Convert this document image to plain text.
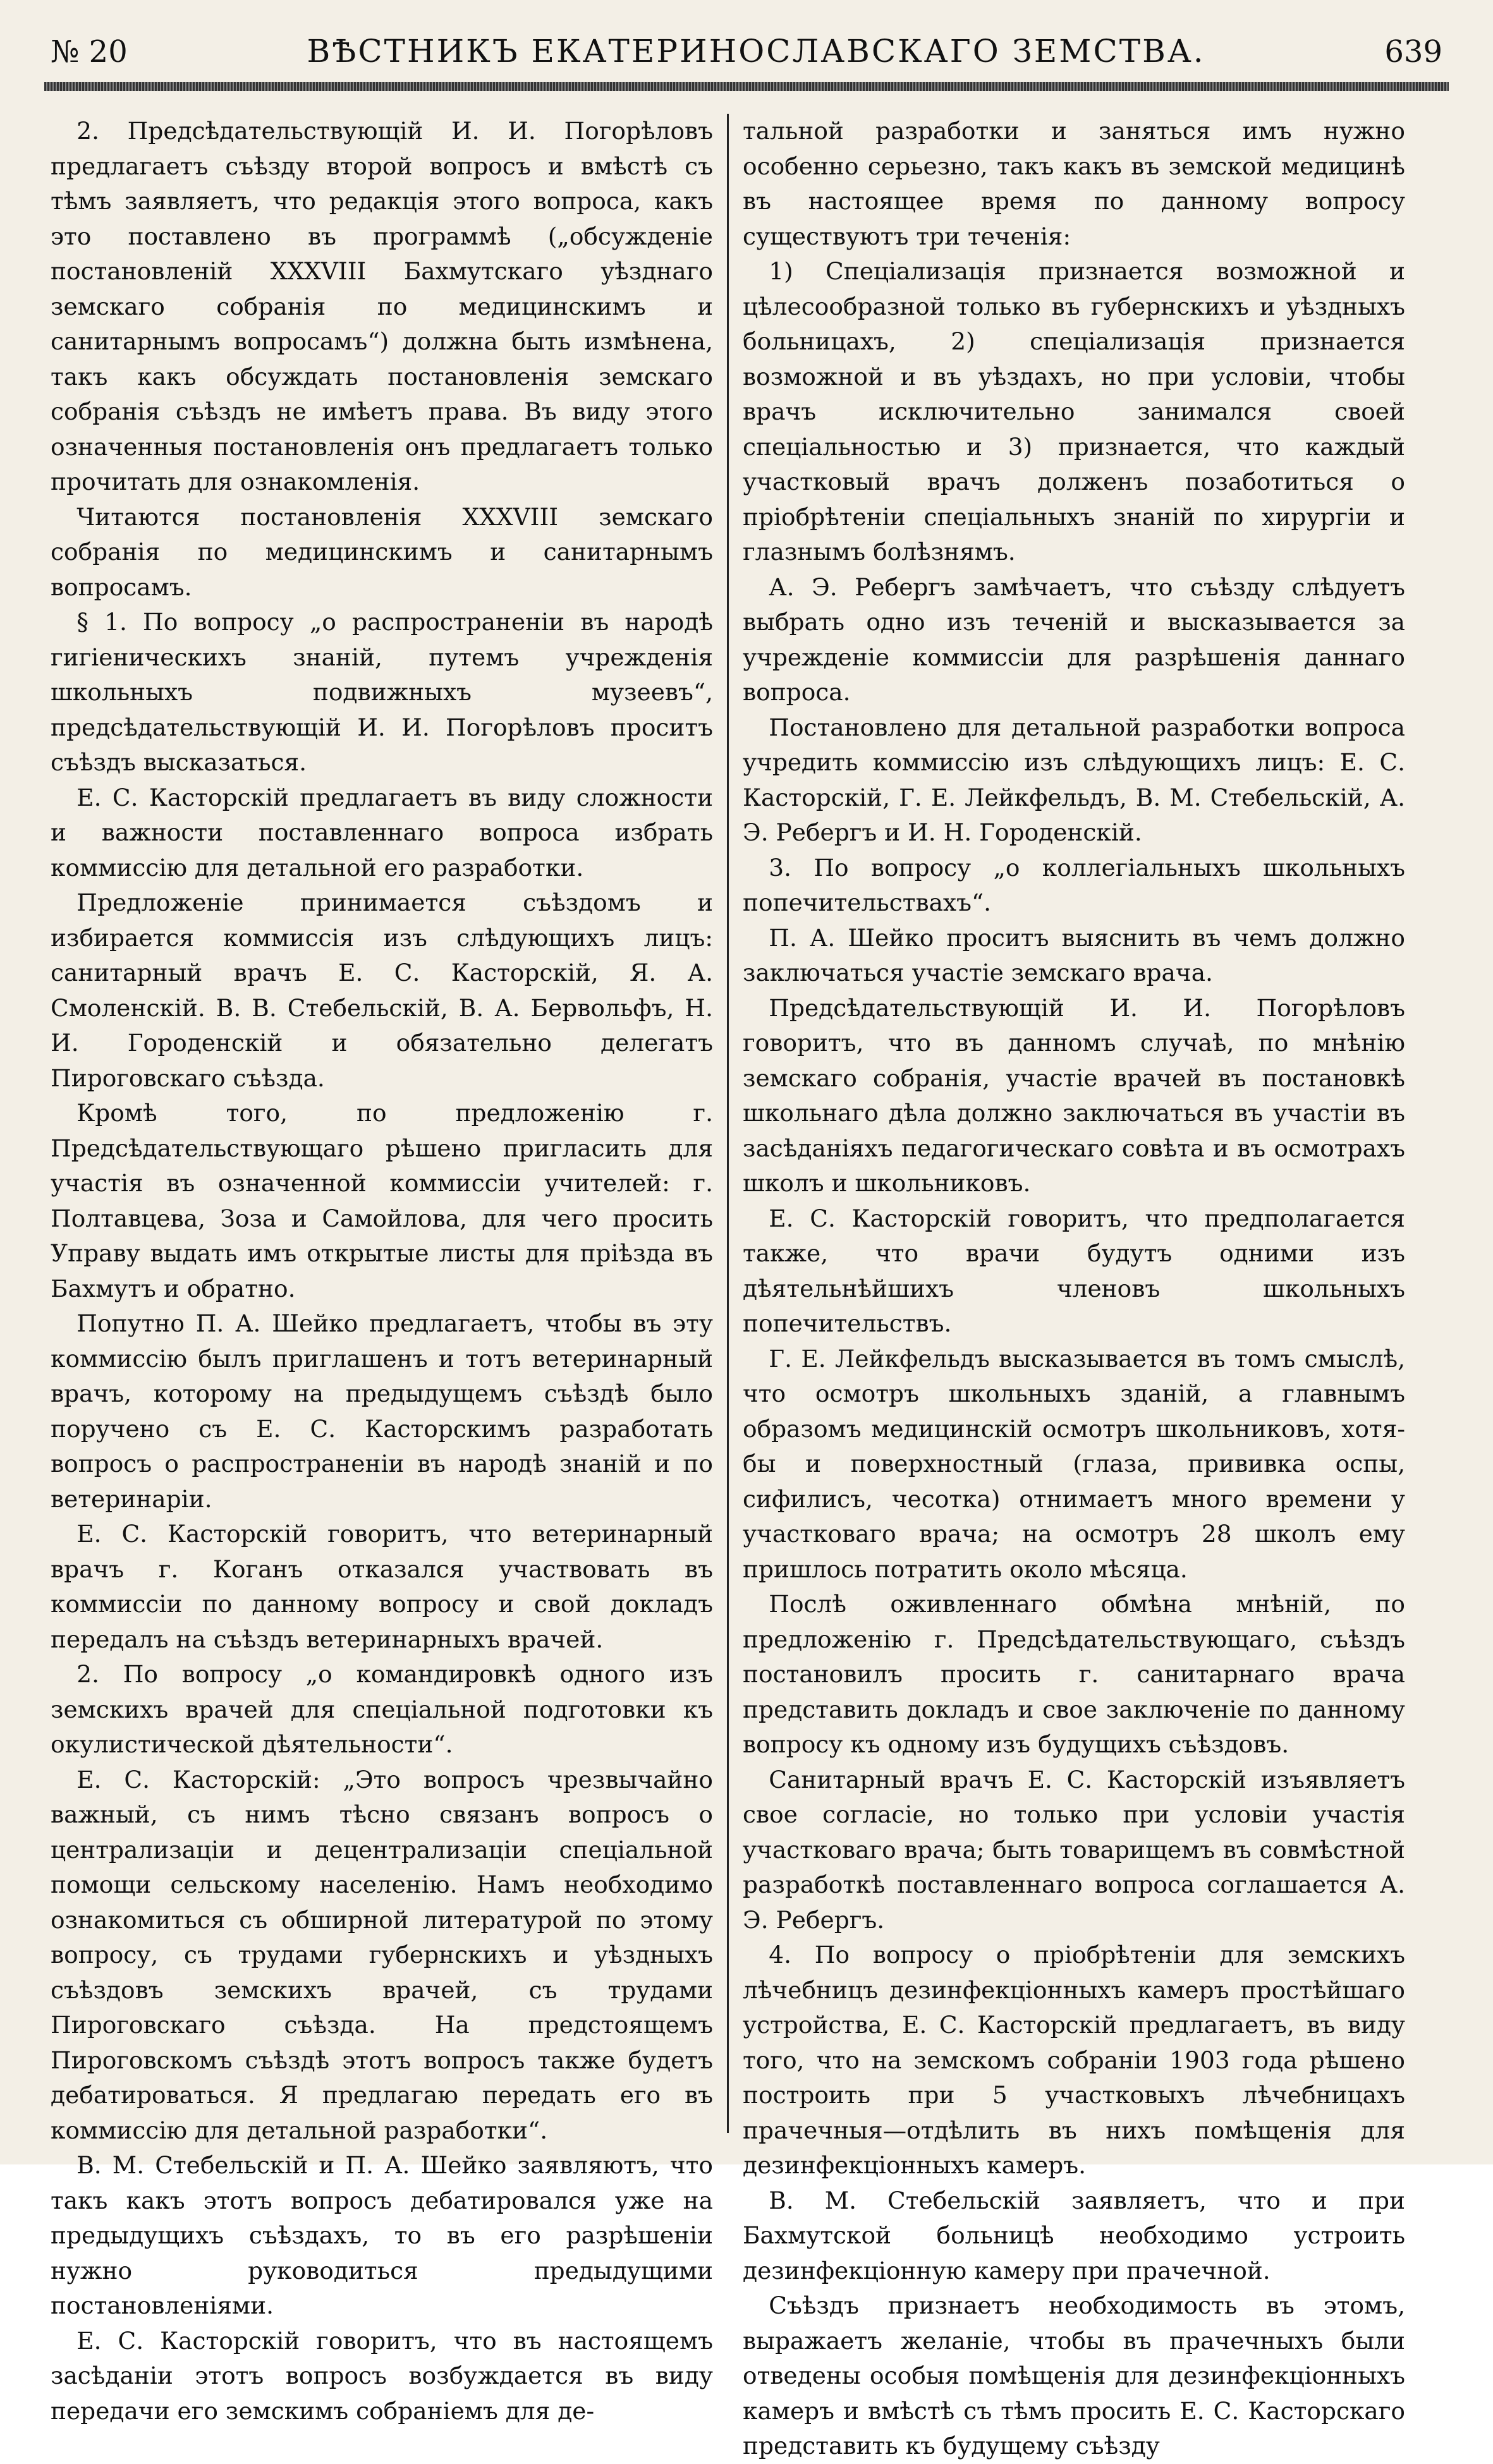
№ 20	ВѢСТНИКЪ ЕКАТЕРИНОСЛАВСКАГО ЗЕМСТВА.	639

2. Предсѣдательствующій И. И. Погорѣловъ предлагаетъ съѣзду второй вопросъ и вмѣстѣ съ тѣмъ заявляетъ, что редакція этого вопроса, какъ это поставлено въ программѣ („обсужденіе постановленій XXXVIII Бахмутскаго уѣзднаго земскаго собранія по медицинскимъ и санитарнымъ вопросамъ“) должна быть измѣнена, такъ какъ обсуждать постановленія земскаго собранія съѣздъ не имѣетъ права. Въ виду этого означенныя постановленія онъ предлагаетъ только прочитать для ознакомленія.

Читаются постановленія XXXVIII земскаго собранія по медицинскимъ и санитарнымъ вопросамъ.

§ 1. По вопросу „о распространеніи въ народѣ гигіеническихъ знаній, путемъ учрежденія школьныхъ подвижныхъ музеевъ“, предсѣдательствующій И. И. Погорѣловъ проситъ съѣздъ высказаться.

Е. С. Касторскій предлагаетъ въ виду сложности и важности поставленнаго вопроса избрать коммиссію для детальной его разработки.

Предложеніе принимается съѣздомъ и избирается коммиссія изъ слѣдующихъ лицъ: санитарный врачъ Е. С. Касторскій, Я. А. Смоленскій. В. В. Стебельскій, В. А. Бервольфъ, Н. И. Городенскій и обязательно делегатъ Пироговскаго съѣзда.

Кромѣ того, по предложенію г. Предсѣдательствующаго рѣшено пригласить для участія въ означенной коммиссіи учителей: г. Полтавцева, Зоза и Самойлова, для чего просить Управу выдать имъ открытые листы для пріѣзда въ Бахмутъ и обратно.

Попутно П. А. Шейко предлагаетъ, чтобы въ эту коммиссію былъ приглашенъ и тотъ ветеринарный врачъ, которому на предыдущемъ съѣздѣ было поручено съ Е. С. Касторскимъ разработать вопросъ о распространеніи въ народѣ знаній и по ветеринаріи.

Е. С. Касторскій говоритъ, что ветеринарный врачъ г. Коганъ отказался участвовать въ коммиссіи по данному вопросу и свой докладъ передалъ на съѣздъ ветеринарныхъ врачей.

2. По вопросу „о командировкѣ одного изъ земскихъ врачей для спеціальной подготовки къ окулистической дѣятельности“.

Е. С. Касторскій: „Это вопросъ чрезвычайно важный, съ нимъ тѣсно связанъ вопросъ о централизаціи и децентрализаціи спеціальной помощи сельскому населенію. Намъ необходимо ознакомиться съ обширной литературой по этому вопросу, съ трудами губернскихъ и уѣздныхъ съѣздовъ земскихъ врачей, съ трудами Пироговскаго съѣзда. На предстоящемъ Пироговскомъ съѣздѣ этотъ вопросъ также будетъ дебатироваться. Я предлагаю передать его въ коммиссію для детальной разработки“.

В. М. Стебельскій и П. А. Шейко заявляютъ, что такъ какъ этотъ вопросъ дебатировался уже на предыдущихъ съѣздахъ, то въ его разрѣшеніи нужно руководиться предыдущими постановленіями.

Е. С. Касторскій говоритъ, что въ настоящемъ засѣданіи этотъ вопросъ возбуждается въ виду передачи его земскимъ собраніемъ для де-

тальной разработки и заняться имъ нужно особенно серьезно, такъ какъ въ земской медицинѣ въ настоящее время по данному вопросу существуютъ три теченія:

1) Спеціализація признается возможной и цѣлесообразной только въ губернскихъ и уѣздныхъ больницахъ, 2) спеціализація признается возможной и въ уѣздахъ, но при условіи, чтобы врачъ исключительно занимался своей спеціальностью и 3) признается, что каждый участковый врачъ долженъ позаботиться о пріобрѣтеніи спеціальныхъ знаній по хирургіи и глазнымъ болѣзнямъ.

А. Э. Ребергъ замѣчаетъ, что съѣзду слѣдуетъ выбрать одно изъ теченій и высказывается за учрежденіе коммиссіи для разрѣшенія даннаго вопроса.

Постановлено для детальной разработки вопроса учредить коммиссію изъ слѣдующихъ лицъ: Е. С. Касторскій, Г. Е. Лейкфельдъ, В. М. Стебельскій, А. Э. Ребергъ и И. Н. Городенскій.

3. По вопросу „о коллегіальныхъ школьныхъ попечительствахъ“.

П. А. Шейко проситъ выяснить въ чемъ должно заключаться участіе земскаго врача.

Предсѣдательствующій И. И. Погорѣловъ говоритъ, что въ данномъ случаѣ, по мнѣнію земскаго собранія, участіе врачей въ постановкѣ школьнаго дѣла должно заключаться въ участіи въ засѣданіяхъ педагогическаго совѣта и въ осмотрахъ школъ и школьниковъ.

Е. С. Касторскій говоритъ, что предполагается также, что врачи будутъ одними изъ дѣятельнѣйшихъ членовъ школьныхъ попечительствъ.

Г. Е. Лейкфельдъ высказывается въ томъ смыслѣ, что осмотръ школьныхъ зданій, а главнымъ образомъ медицинскій осмотръ школьниковъ, хотя-бы и поверхностный (глаза, прививка оспы, сифилисъ, чесотка) отнимаетъ много времени у участковаго врача; на осмотръ 28 школъ ему пришлось потратить около мѣсяца.

Послѣ оживленнаго обмѣна мнѣній, по предложенію г. Предсѣдательствующаго, съѣздъ постановилъ просить г. санитарнаго врача представить докладъ и свое заключеніе по данному вопросу къ одному изъ будущихъ съѣздовъ.

Санитарный врачъ Е. С. Касторскій изъявляетъ свое согласіе, но только при условіи участія участковаго врача; быть товарищемъ въ совмѣстной разработкѣ поставленнаго вопроса соглашается А. Э. Ребергъ.

4. По вопросу о пріобрѣтеніи для земскихъ лѣчебницъ дезинфекціонныхъ камеръ простѣйшаго устройства, Е. С. Касторскій предлагаетъ, въ виду того, что на земскомъ собраніи 1903 года рѣшено построить при 5 участковыхъ лѣчебницахъ прачечныя—отдѣлить въ нихъ помѣщенія для дезинфекціонныхъ камеръ.

В. М. Стебельскій заявляетъ, что и при Бахмутской больницѣ необходимо устроить дезинфекціонную камеру при прачечной.

Съѣздъ признаетъ необходимость въ этомъ, выражаетъ желаніе, чтобы въ прачечныхъ были отведены особыя помѣщенія для дезинфекціонныхъ камеръ и вмѣстѣ съ тѣмъ просить Е. С. Касторскаго представить къ будущему съѣзду
